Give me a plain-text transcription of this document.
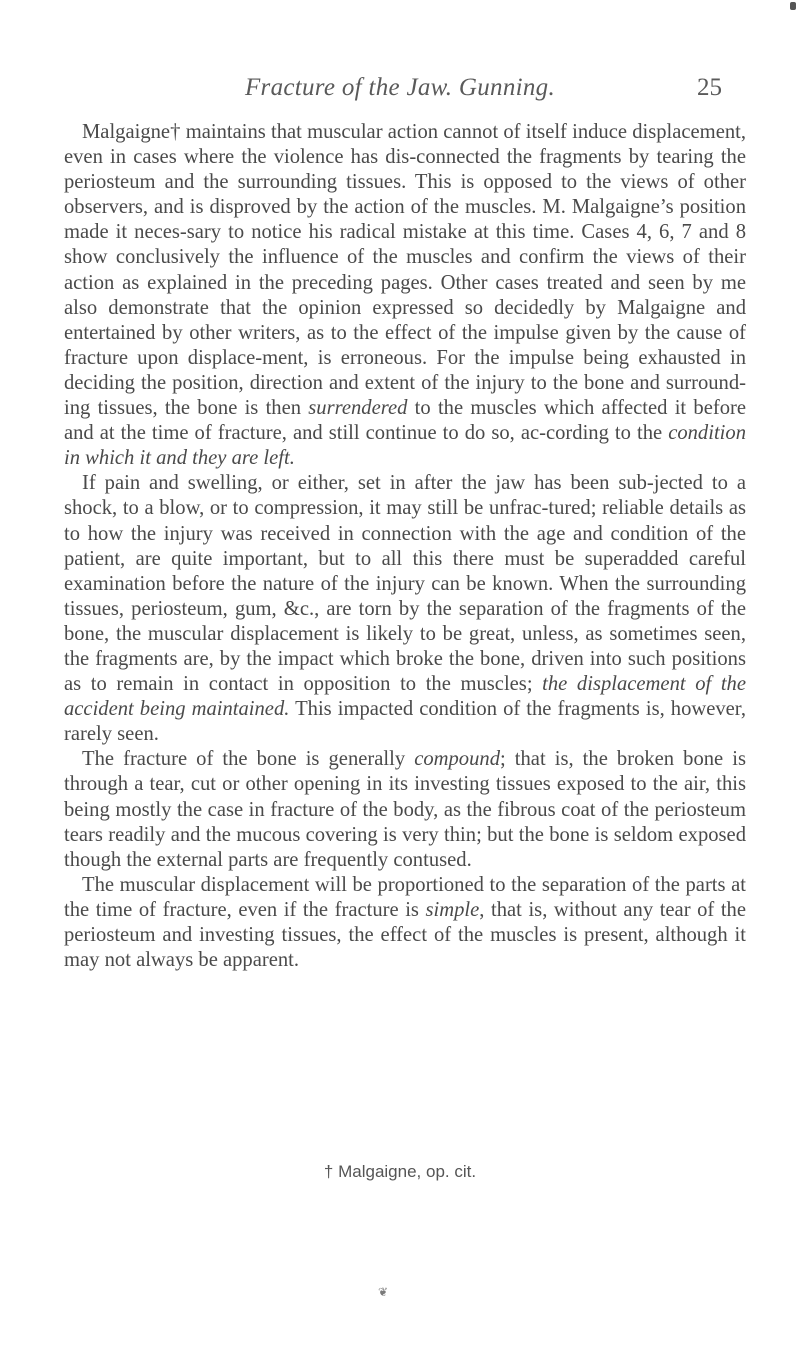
Fracture of the Jaw. Gunning.	25

Malgaigne† maintains that muscular action cannot of itself induce displacement, even in cases where the violence has dis-connected the fragments by tearing the periosteum and the surrounding tissues. This is opposed to the views of other observers, and is disproved by the action of the muscles. M. Malgaigne’s position made it neces-sary to notice his radical mistake at this time. Cases 4, 6, 7 and 8 show conclusively the influence of the muscles and confirm the views of their action as explained in the preceding pages. Other cases treated and seen by me also demonstrate that the opinion expressed so decidedly by Malgaigne and entertained by other writers, as to the effect of the impulse given by the cause of fracture upon displace-ment, is erroneous. For the impulse being exhausted in deciding the position, direction and extent of the injury to the bone and surround-ing tissues, the bone is then surrendered to the muscles which affected it before and at the time of fracture, and still continue to do so, ac-cording to the condition in which it and they are left.

If pain and swelling, or either, set in after the jaw has been sub-jected to a shock, to a blow, or to compression, it may still be unfrac-tured; reliable details as to how the injury was received in connection with the age and condition of the patient, are quite important, but to all this there must be superadded careful examination before the nature of the injury can be known. When the surrounding tissues, periosteum, gum, &c., are torn by the separation of the fragments of the bone, the muscular displacement is likely to be great, unless, as sometimes seen, the fragments are, by the impact which broke the bone, driven into such positions as to remain in contact in opposition to the muscles; the displacement of the accident being maintained. This impacted condition of the fragments is, however, rarely seen.

The fracture of the bone is generally compound; that is, the broken bone is through a tear, cut or other opening in its investing tissues exposed to the air, this being mostly the case in fracture of the body, as the fibrous coat of the periosteum tears readily and the mucous covering is very thin; but the bone is seldom exposed though the external parts are frequently contused.

The muscular displacement will be proportioned to the separation of the parts at the time of fracture, even if the fracture is simple, that is, without any tear of the periosteum and investing tissues, the effect of the muscles is present, although it may not always be apparent.

† Malgaigne, op. cit.
❦
